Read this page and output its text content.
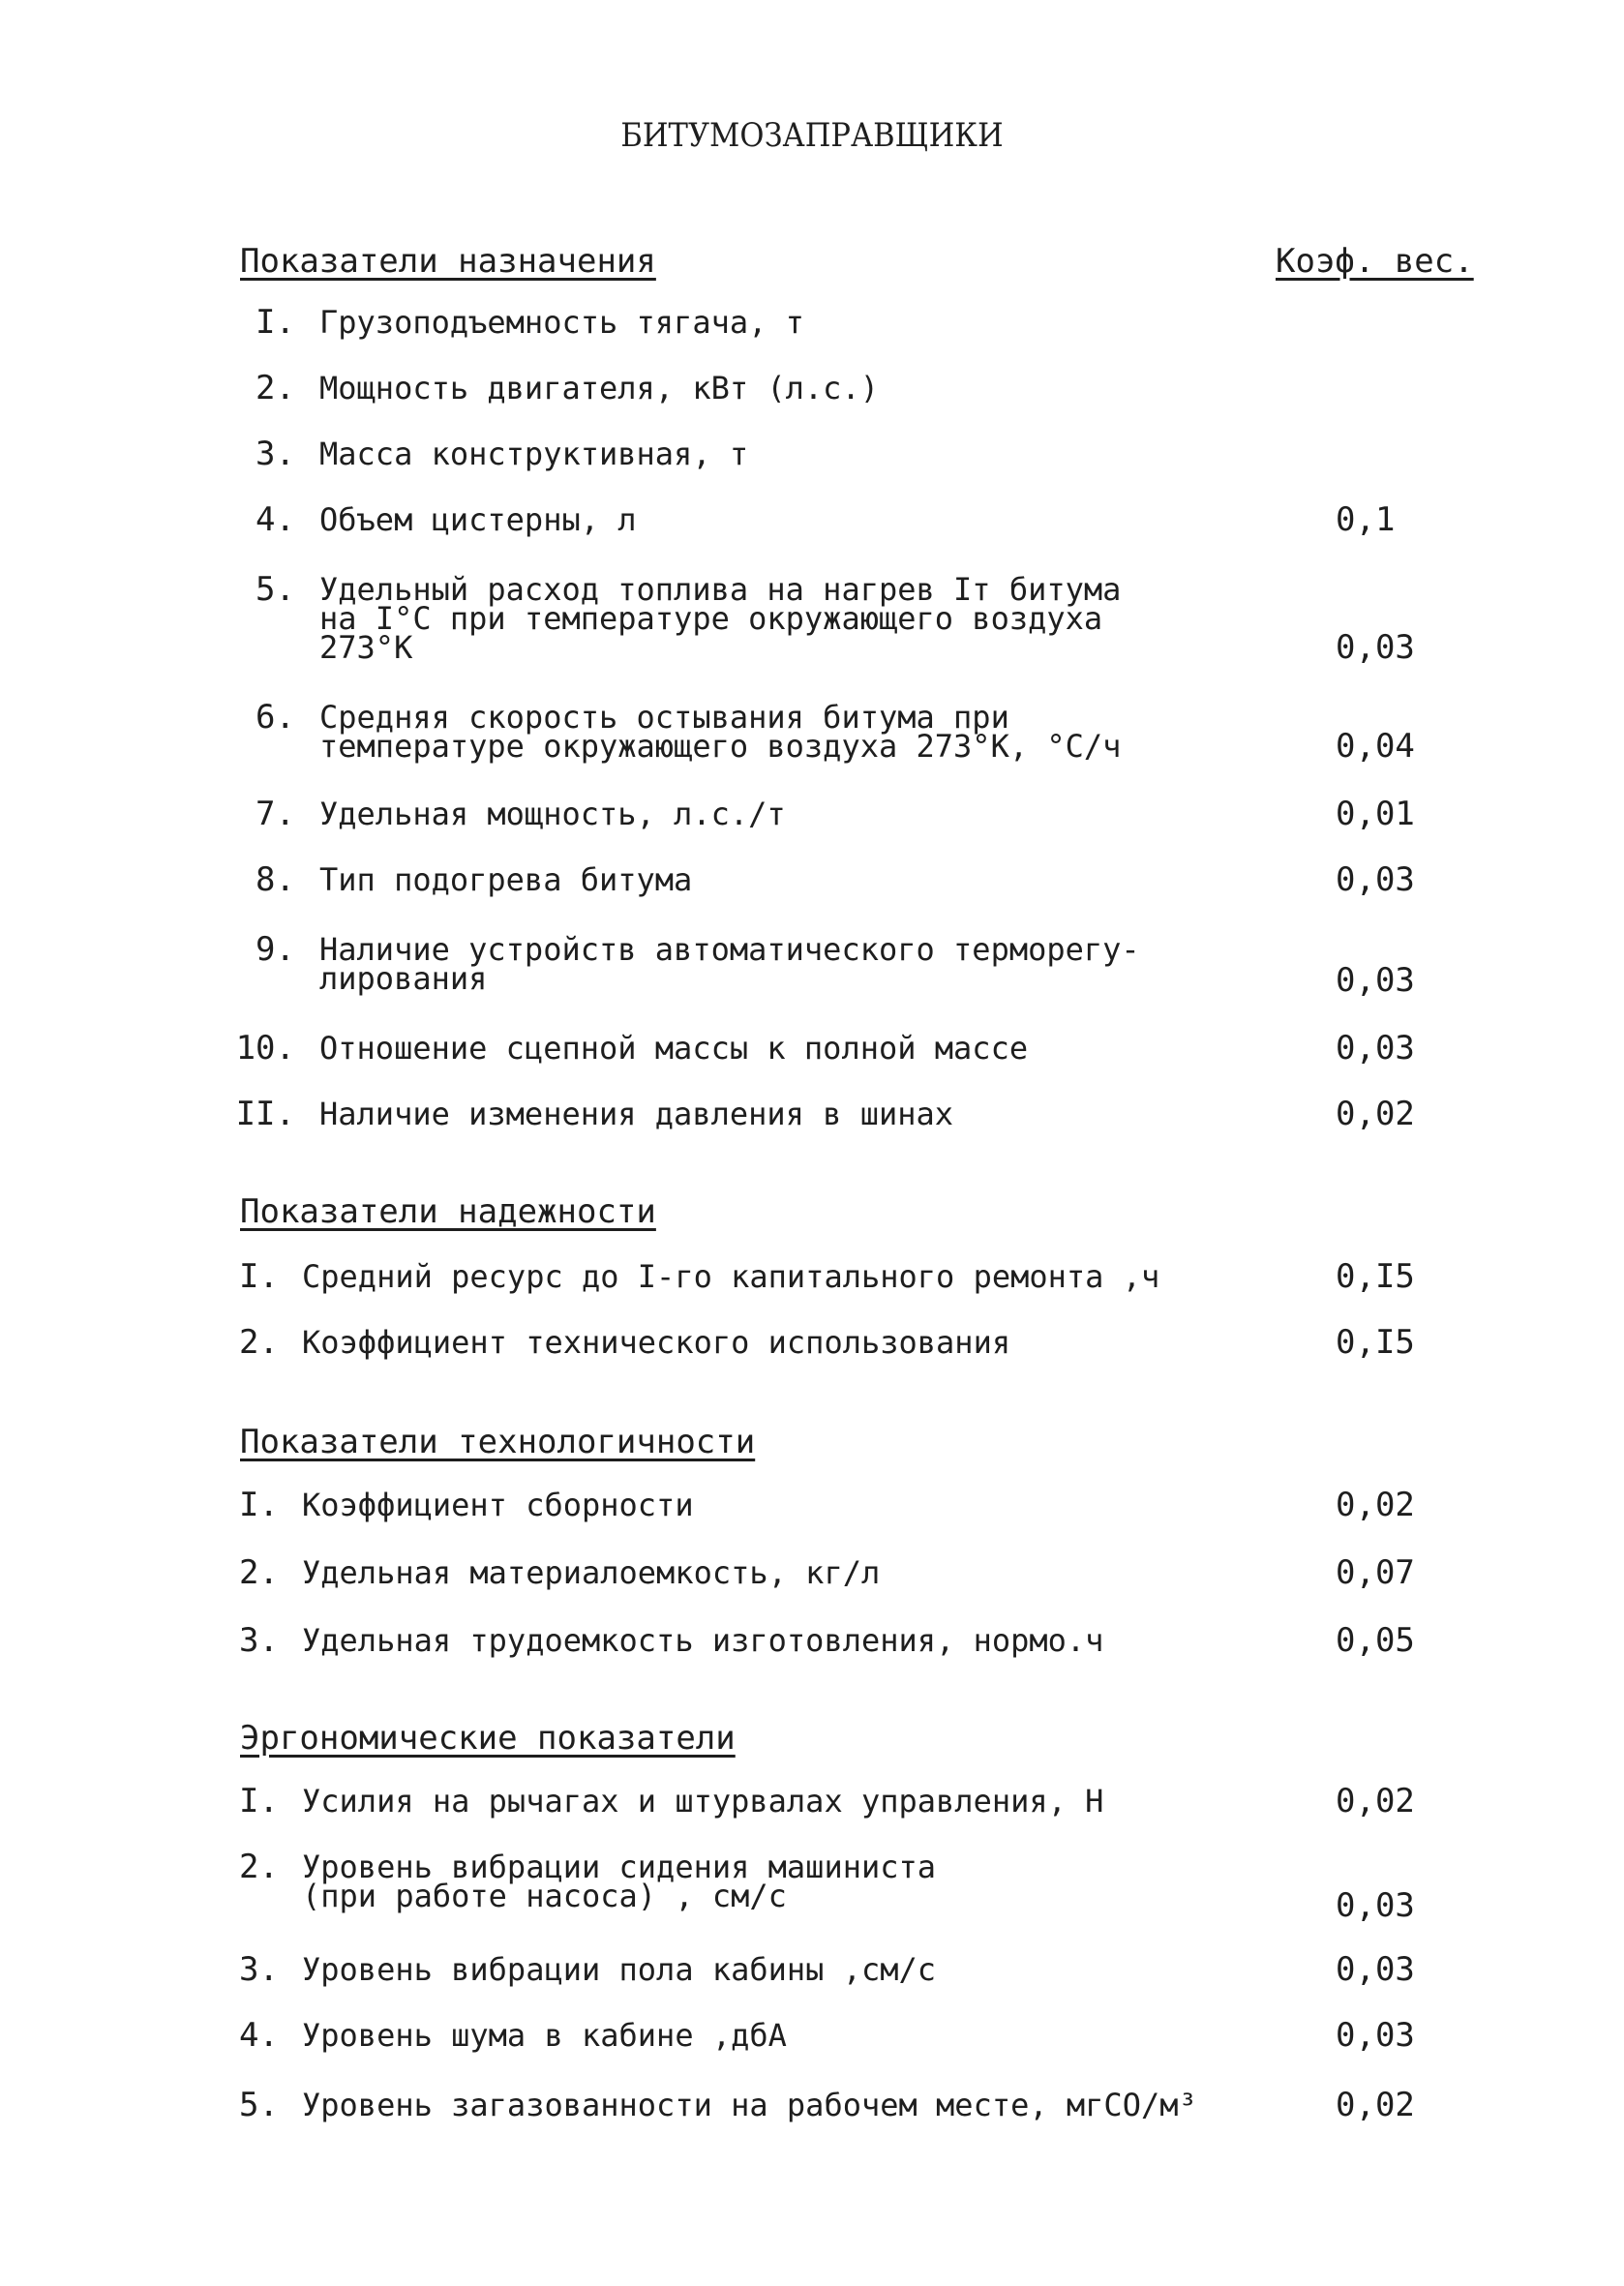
БИТУМОЗАПРАВЩИКИ
Коэф. вес.
Показатели назначения
I. Грузоподъемность тягача, т
2. Мощность двигателя, кВт (л.с.)
3. Масса конструктивная, т
4. Объем цистерны, л	0,1
5. Удельный расход топлива на нагрев Iт битума
на I°С при температуре окружающего воздуха
273°К	0,03
6. Средняя скорость остывания битума при
температуре окружающего воздуха 273°К, °С/ч	0,04
7. Удельная мощность, л.с./т	0,01
8. Тип подогрева битума	0,03
9. Наличие устройств автоматического терморегу-
лирования	0,03
10. Отношение сцепной массы к полной массе	0,03
II. Наличие изменения давления в шинах	0,02
Показатели надежности
I. Средний ресурс до I-го капитального ремонта ,ч	0,I5
2. Коэффициент технического использования	0,I5
Показатели технологичности
I. Коэффициент сборности	0,02
2. Удельная материалоемкость, кг/л	0,07
3. Удельная трудоемкость изготовления, нормо.ч	0,05
Эргономические показатели
I. Усилия на рычагах и штурвалах управления, Н	0,02
2. Уровень вибрации сидения машиниста
(при работе насоса) , см/с	0,03
3. Уровень вибрации пола кабины ,см/с	0,03
4. Уровень шума в кабине ,дбА	0,03
5. Уровень загазованности на рабочем месте, мгСО/м³	0,02
